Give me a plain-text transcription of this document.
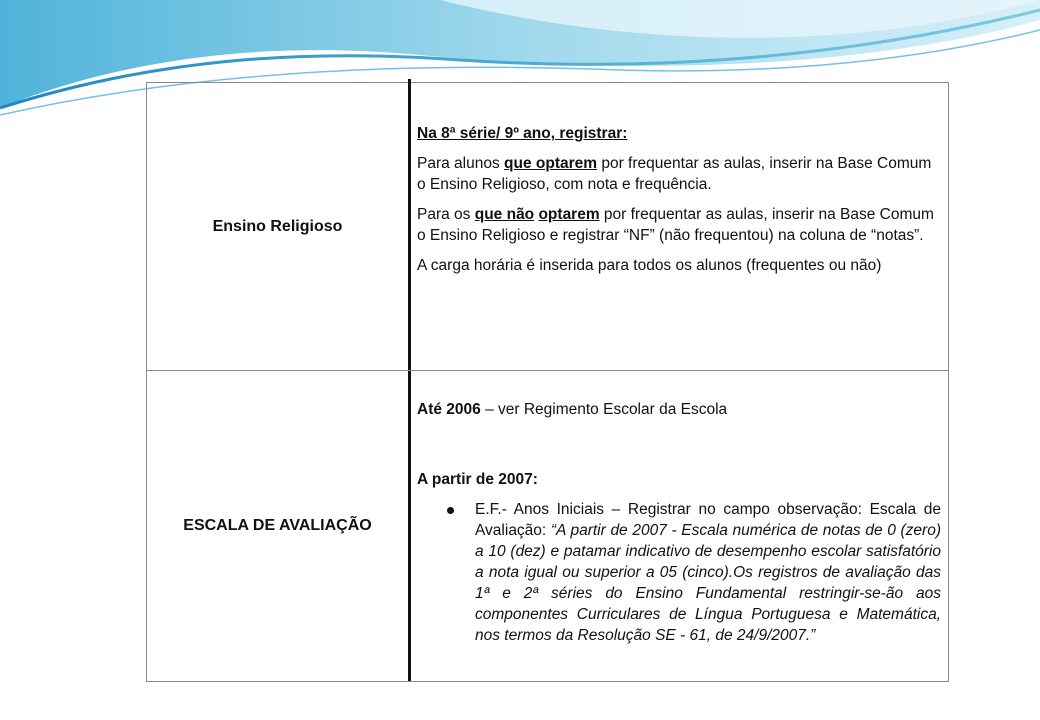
Ensino Religioso

Na 8ª série/ 9º ano, registrar:

Para alunos que optarem por frequentar as aulas, inserir na Base Comum o Ensino Religioso, com nota e frequência.

Para os que não optarem por frequentar as aulas, inserir na Base Comum o Ensino Religioso e registrar “NF” (não frequentou) na coluna de “notas”.

A carga horária é inserida para todos os alunos (frequentes ou não)

ESCALA DE AVALIAÇÃO

Até 2006 – ver Regimento Escolar da Escola

A partir de 2007:

E.F.- Anos Iniciais – Registrar no campo observação: Escala de Avaliação: “A partir de 2007 - Escala numérica de notas de 0 (zero) a 10 (dez) e patamar indicativo de desempenho escolar satisfatório a nota igual ou superior a 05 (cinco).Os registros de avaliação das 1ª e 2ª séries do Ensino Fundamental restringir-se-ão aos componentes Curriculares de Língua Portuguesa e Matemática, nos termos da Resolução SE - 61, de 24/9/2007.”
